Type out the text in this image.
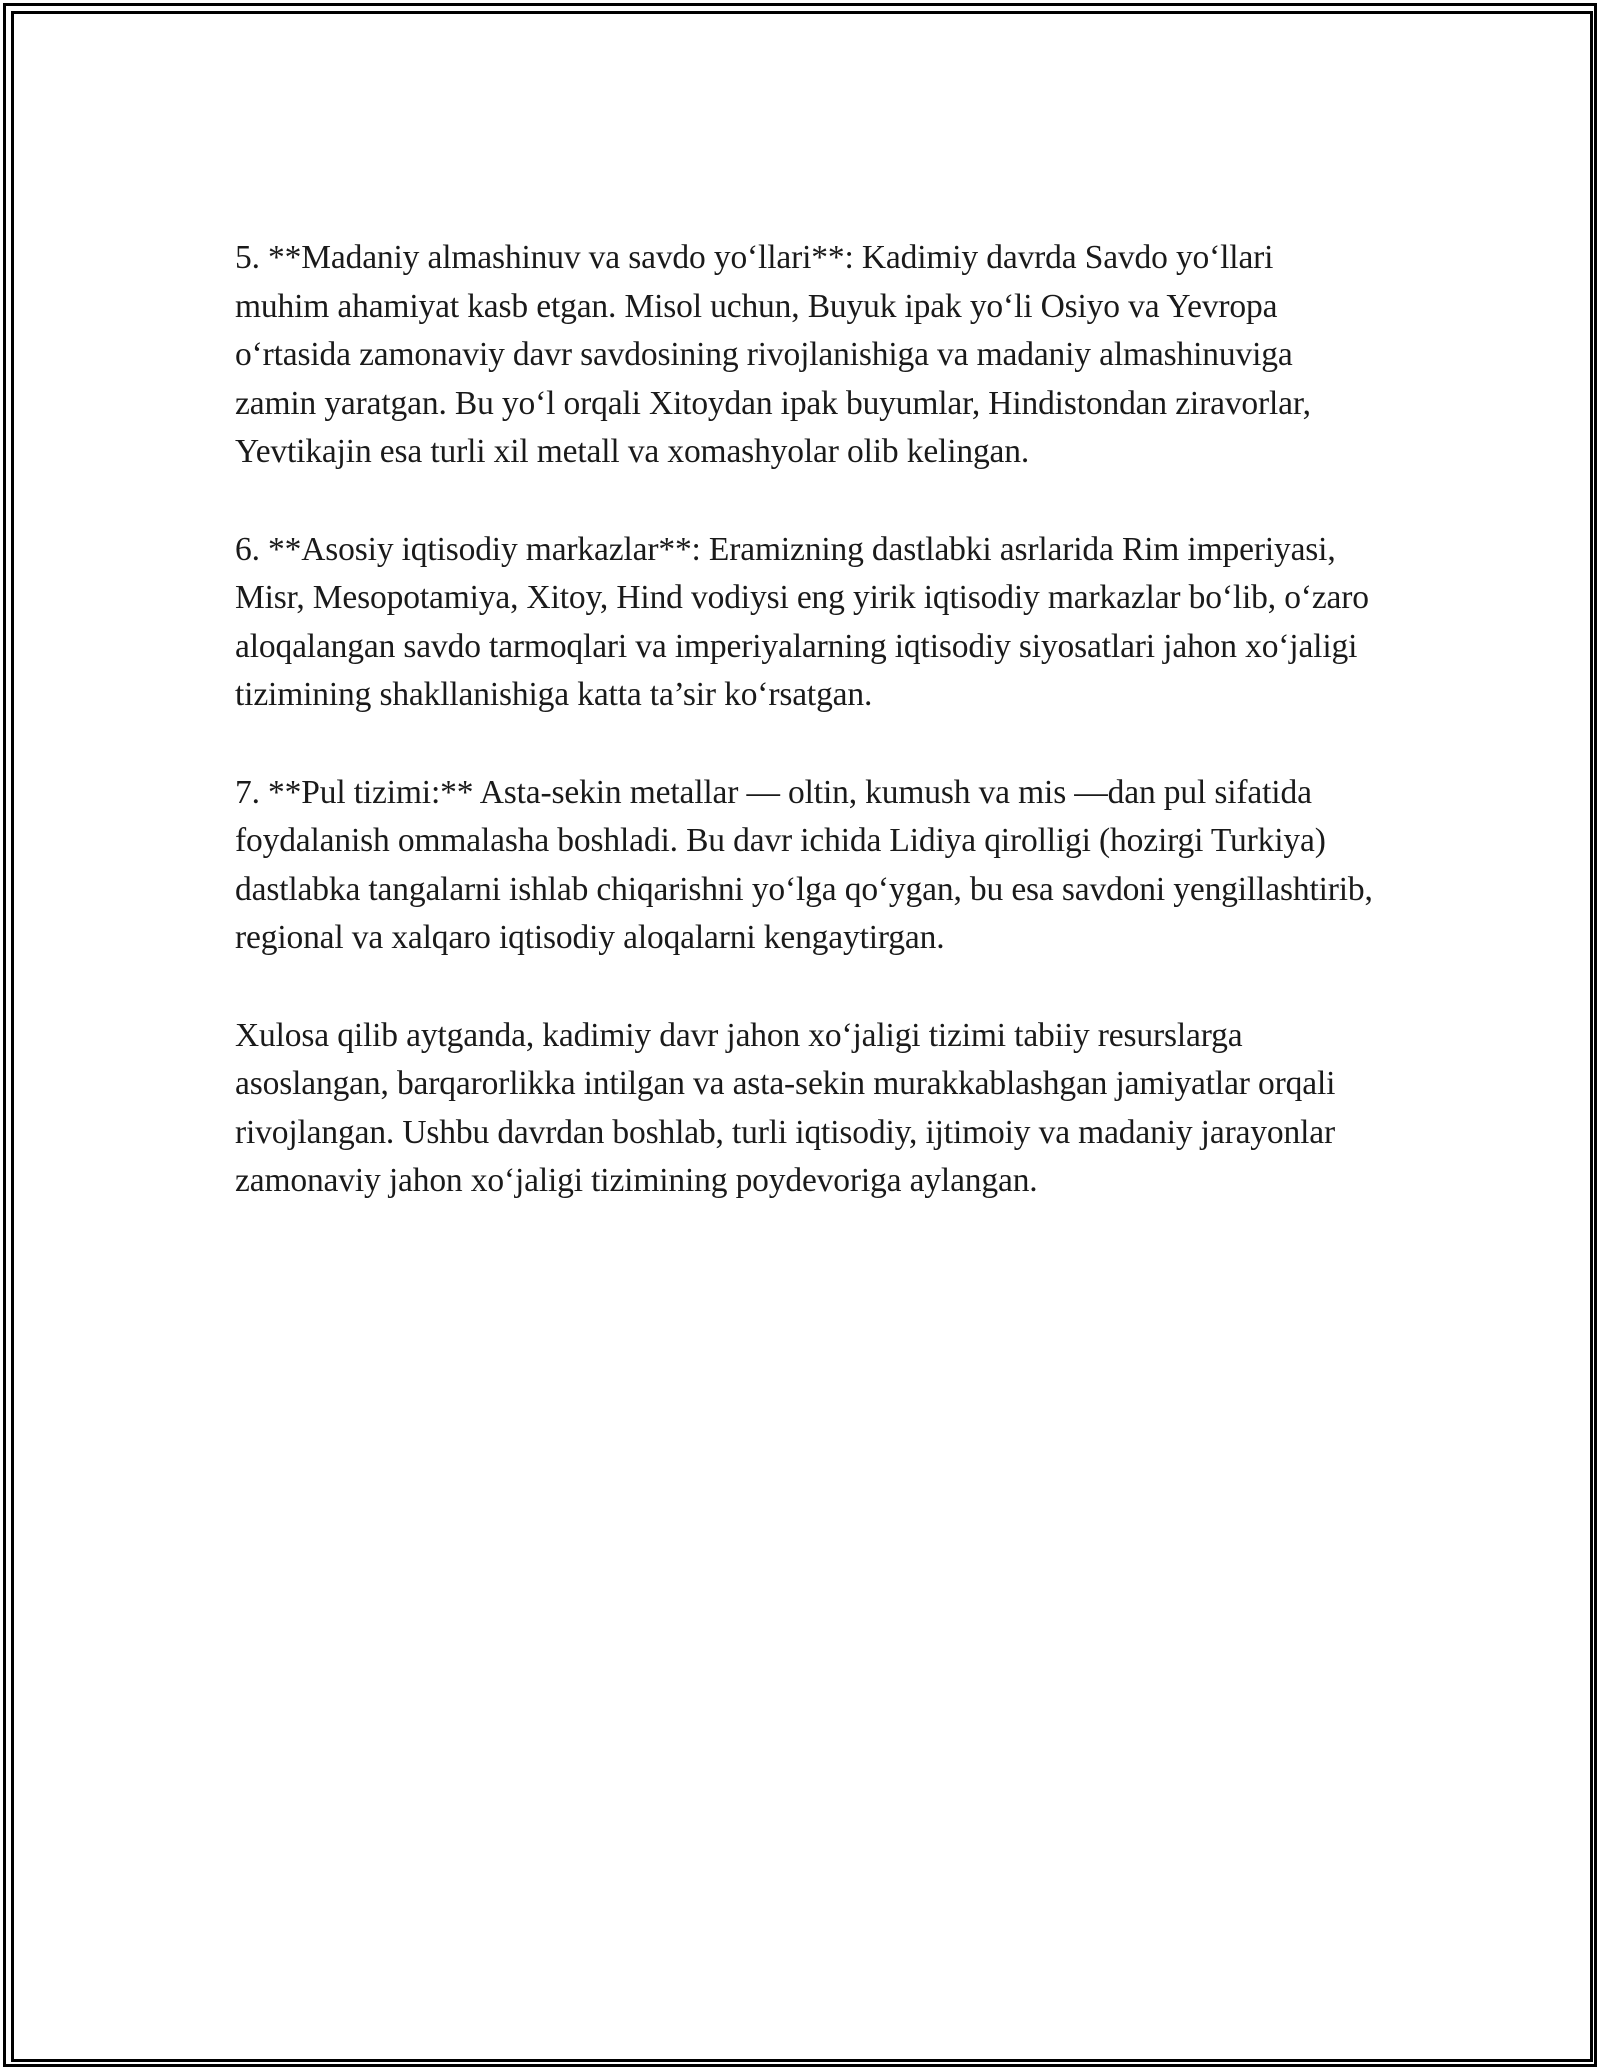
5. **Madaniy almashinuv va savdo yo‘llari**: Kadimiy davrda Savdo yo‘llari muhim ahamiyat kasb etgan. Misol uchun, Buyuk ipak yo‘li Osiyo va Yevropa o‘rtasida zamonaviy davr savdosining rivojlanishiga va madaniy almashinuviga zamin yaratgan. Bu yo‘l orqali Xitoydan ipak buyumlar, Hindistondan ziravorlar, Yevtikajin esa turli xil metall va xomashyolar olib kelingan.

6. **Asosiy iqtisodiy markazlar**: Eramizning dastlabki asrlarida Rim imperiyasi, Misr, Mesopotamiya, Xitoy, Hind vodiysi eng yirik iqtisodiy markazlar bo‘lib, o‘zaro aloqalangan savdo tarmoqlari va imperiyalarning iqtisodiy siyosatlari jahon xo‘jaligi tizimining shakllanishiga katta ta’sir ko‘rsatgan.

7. **Pul tizimi:** Asta-sekin metallar — oltin, kumush va mis —dan pul sifatida foydalanish ommalasha boshladi. Bu davr ichida Lidiya qirolligi (hozirgi Turkiya) dastlabka tangalarni ishlab chiqarishni yo‘lga qo‘ygan, bu esa savdoni yengillashtirib, regional va xalqaro iqtisodiy aloqalarni kengaytirgan.

Xulosa qilib aytganda, kadimiy davr jahon xo‘jaligi tizimi tabiiy resurslarga asoslangan, barqarorlikka intilgan va asta-sekin murakkablashgan jamiyatlar orqali rivojlangan. Ushbu davrdan boshlab, turli iqtisodiy, ijtimoiy va madaniy jarayonlar zamonaviy jahon xo‘jaligi tizimining poydevoriga aylangan.
